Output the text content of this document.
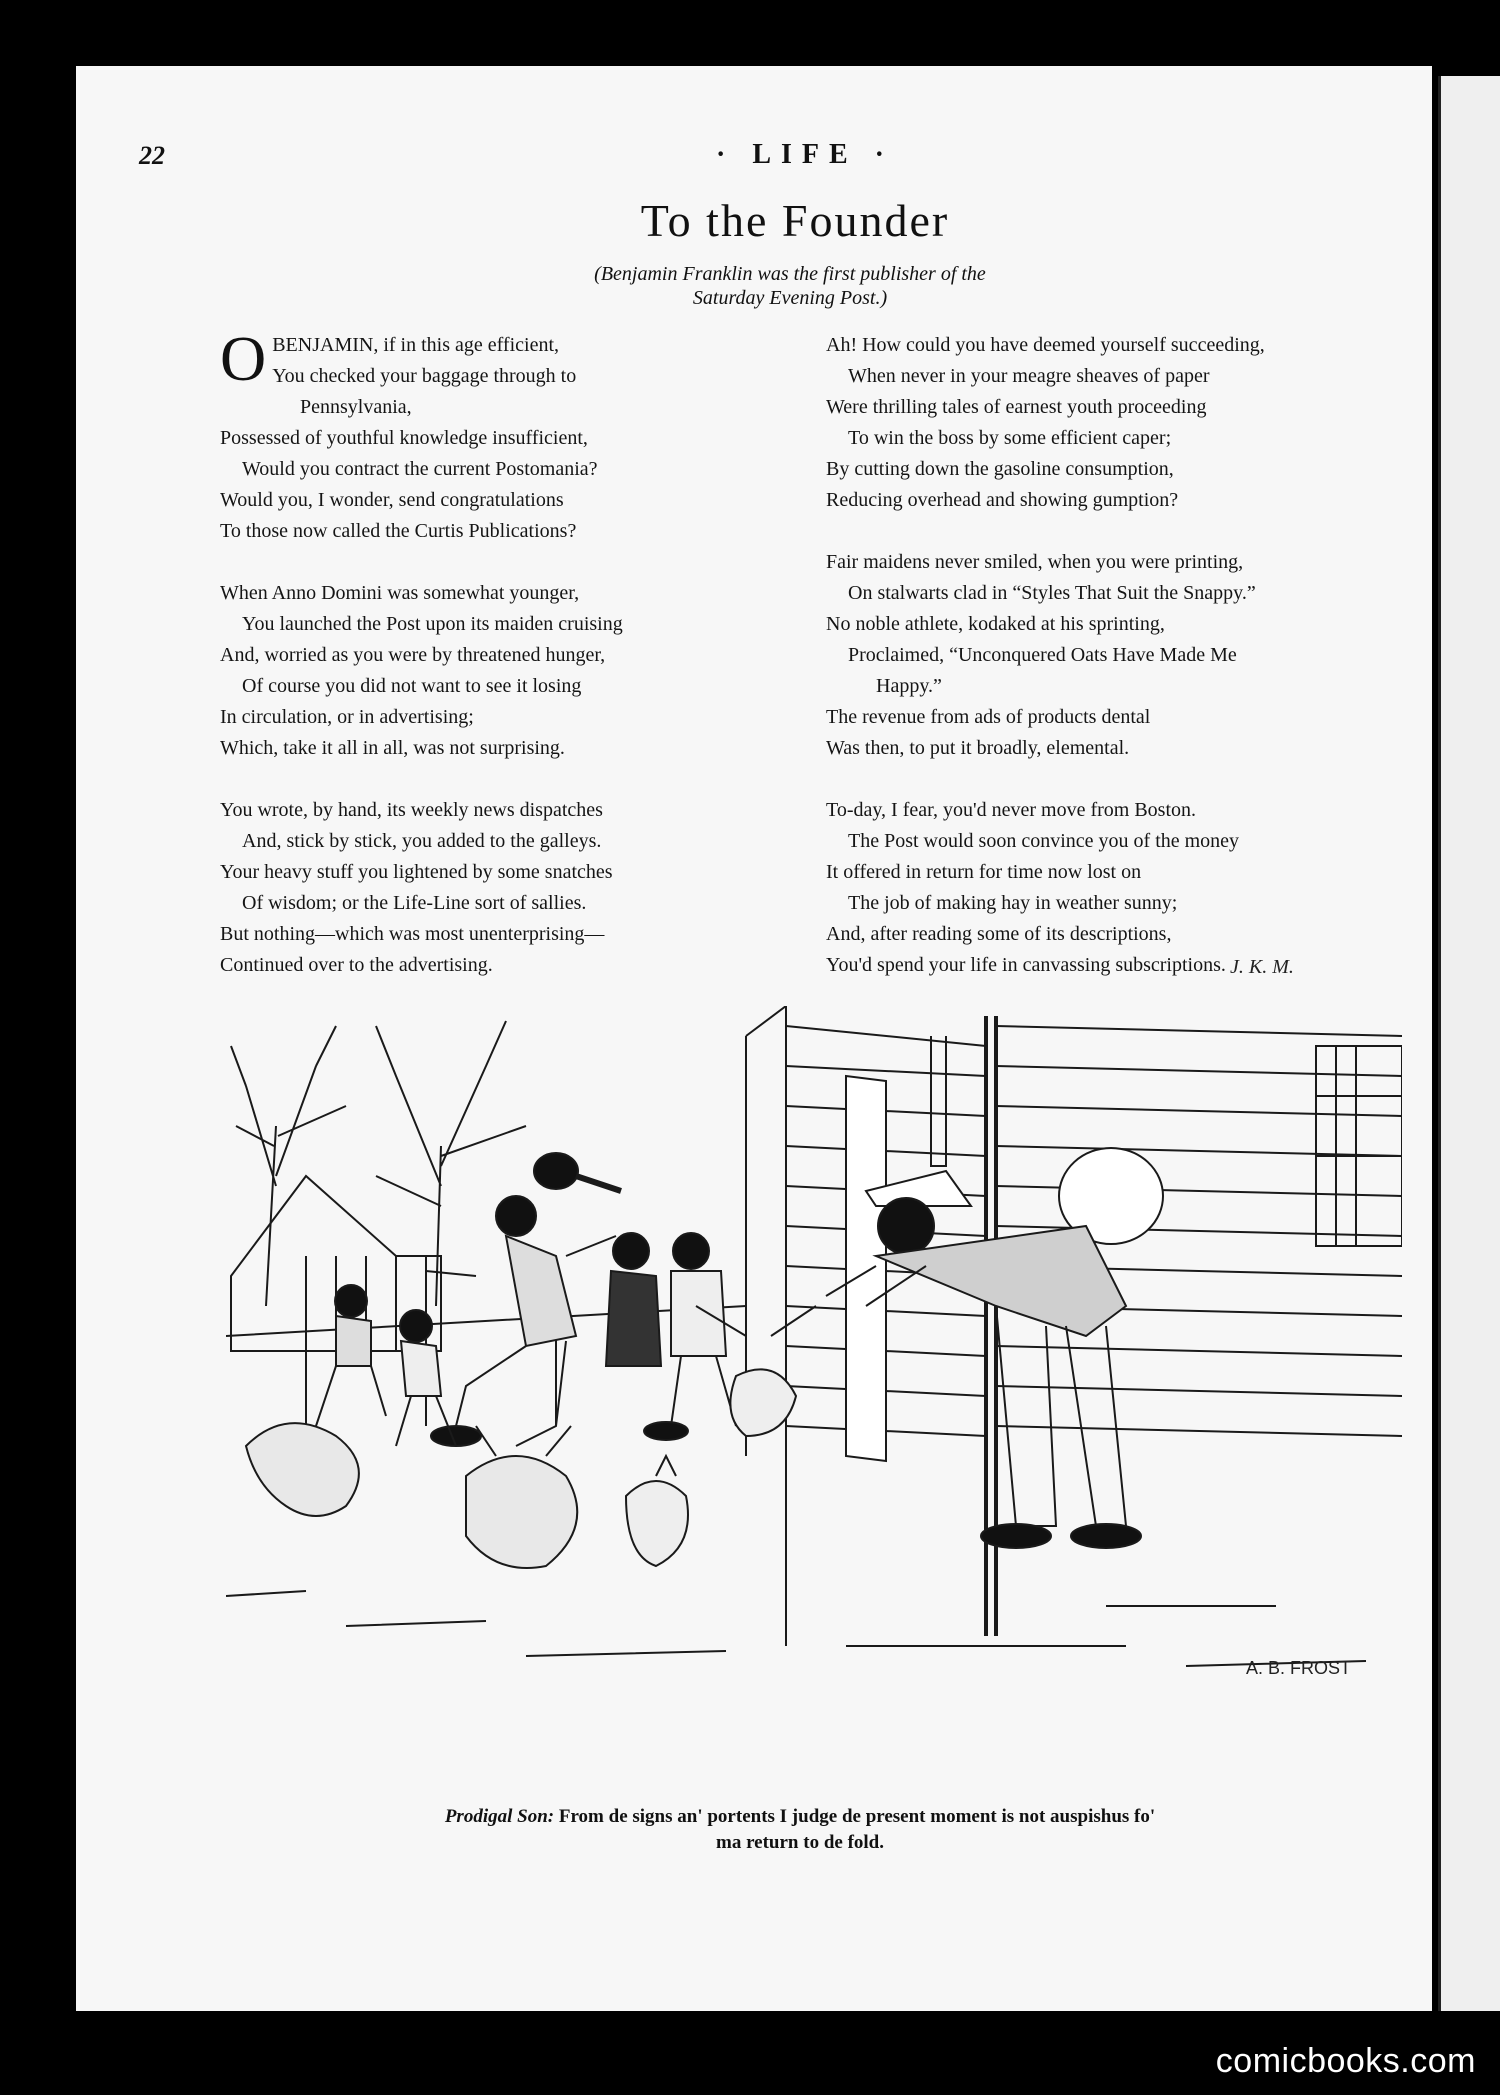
22	· LIFE ·
To the Founder
(Benjamin Franklin was the first publisher of the
Saturday Evening Post.)
O BENJAMIN, if in this age efficient,
You checked your baggage through to
Pennsylvania,
Possessed of youthful knowledge insufficient,
Would you contract the current Postomania?
Would you, I wonder, send congratulations
To those now called the Curtis Publications?
When Anno Domini was somewhat younger,
You launched the Post upon its maiden cruising
And, worried as you were by threatened hunger,
Of course you did not want to see it losing
In circulation, or in advertising;
Which, take it all in all, was not surprising.
You wrote, by hand, its weekly news dispatches
And, stick by stick, you added to the galleys.
Your heavy stuff you lightened by some snatches
Of wisdom; or the Life-Line sort of sallies.
But nothing—which was most unenterprising—
Continued over to the advertising.
Ah! How could you have deemed yourself succeeding,
When never in your meagre sheaves of paper
Were thrilling tales of earnest youth proceeding
To win the boss by some efficient caper;
By cutting down the gasoline consumption,
Reducing overhead and showing gumption?
Fair maidens never smiled, when you were printing,
On stalwarts clad in “Styles That Suit the Snappy.”
No noble athlete, kodaked at his sprinting,
Proclaimed, “Unconquered Oats Have Made Me
Happy.”
The revenue from ads of products dental
Was then, to put it broadly, elemental.
To-day, I fear, you'd never move from Boston.
The Post would soon convince you of the money
It offered in return for time now lost on
The job of making hay in weather sunny;
And, after reading some of its descriptions,
You'd spend your life in canvassing subscriptions. J. K. M.
A. B. FROST
Prodigal Son: From de signs an' portents I judge de present moment is not auspishus fo'
ma return to de fold.
comicbooks.com
